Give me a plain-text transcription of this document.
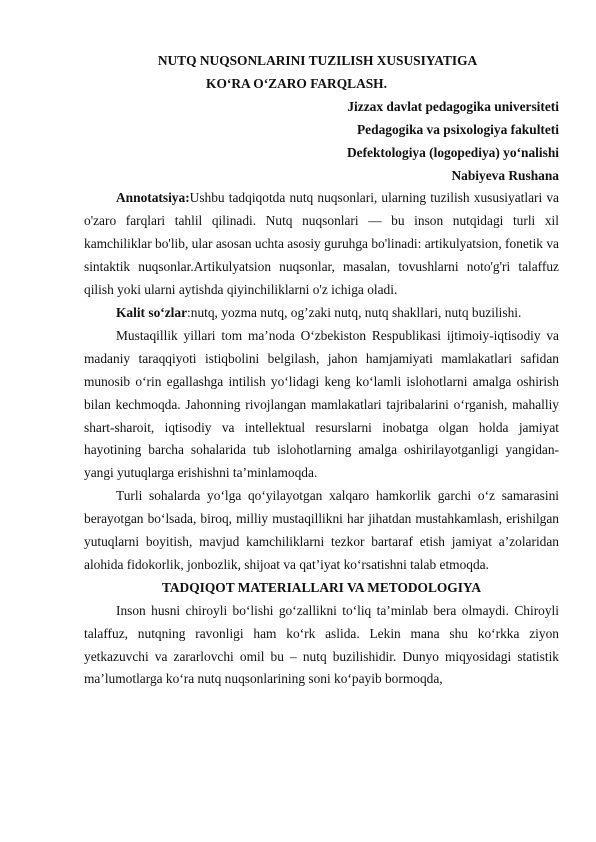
NUTQ NUQSONLARINI TUZILISH XUSUSIYATIGA

KO‘RA O‘ZARO FARQLASH.

Jizzax davlat pedagogika universiteti

Pedagogika va psixologiya fakulteti

Defektologiya (logopediya) yo‘nalishi

Nabiyeva Rushana

Annotatsiya:Ushbu tadqiqotda nutq nuqsonlari, ularning tuzilish xususiyatlari va o'zaro farqlari tahlil qilinadi. Nutq nuqsonlari — bu inson nutqidagi turli xil kamchiliklar bo'lib, ular asosan uchta asosiy guruhga bo'linadi: artikulyatsion, fonetik va sintaktik nuqsonlar.Artikulyatsion nuqsonlar, masalan, tovushlarni noto'g'ri talaffuz qilish yoki ularni aytishda qiyinchiliklarni o'z ichiga oladi.

Kalit so‘zlar:nutq, yozma nutq, og’zaki nutq, nutq shakllari, nutq buzilishi.

Mustaqillik yillari tom ma’noda O‘zbekiston Respublikasi ijtimoiy-iqtisodiy va madaniy taraqqiyoti istiqbolini belgilash, jahon hamjamiyati mamlakatlari safidan munosib o‘rin egallashga intilish yo‘lidagi keng ko‘lamli islohotlarni amalga oshirish bilan kechmoqda. Jahonning rivojlangan mamlakatlari tajribalarini o‘rganish, mahalliy shart-sharoit, iqtisodiy va intellektual resurslarni inobatga olgan holda jamiyat hayotining barcha sohalarida tub islohotlarning amalga oshirilayotganligi yangidan-yangi yutuqlarga erishishni ta’minlamoqda.

Turli sohalarda yo‘lga qo‘yilayotgan xalqaro hamkorlik garchi o‘z samarasini berayotgan bo‘lsada, biroq, milliy mustaqillikni har jihatdan mustahkamlash, erishilgan yutuqlarni boyitish, mavjud kamchiliklarni tezkor bartaraf etish jamiyat a’zolaridan alohida fidokorlik, jonbozlik, shijoat va qat’iyat ko‘rsatishni talab etmoqda.

TADQIQOT MATERIALLARI VA METODOLOGIYA

Inson husni chiroyli bo‘lishi go‘zallikni to‘liq ta’minlab bera olmaydi. Chiroyli talaffuz, nutqning ravonligi ham ko‘rk aslida. Lekin mana shu ko‘rkka ziyon yetkazuvchi va zararlovchi omil bu – nutq buzilishidir. Dunyo miqyosidagi statistik ma’lumotlarga ko‘ra nutq nuqsonlarining soni ko‘payib bormoqda,
